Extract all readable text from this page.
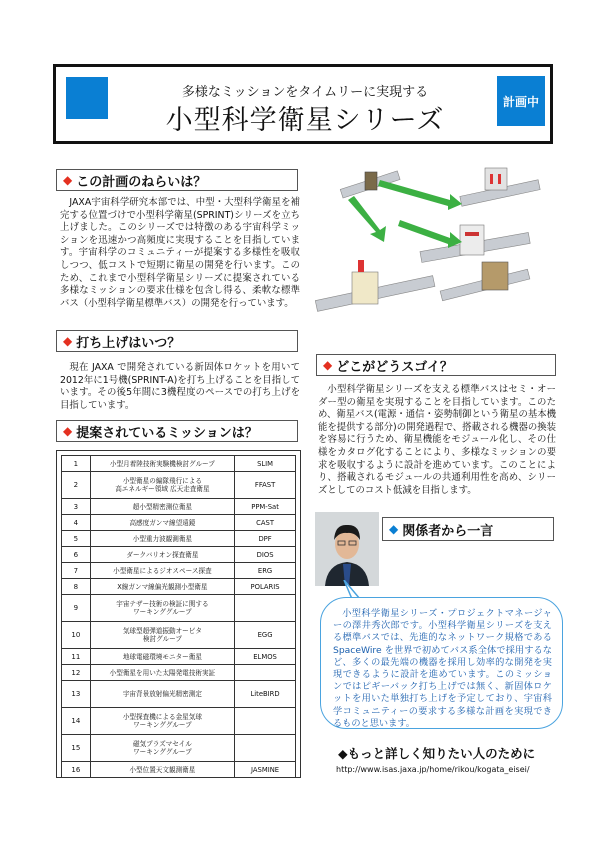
多様なミッションをタイムリーに実現する
小型科学衛星シリーズ
計画中
◆ この計画のねらいは？
JAXA宇宙科学研究本部では、中型・大型科学衛星を補完する位置づけで小型科学衛星(SPRINT)シリーズを立ち上げました。このシリーズでは特徴のある宇宙科学ミッションを迅速かつ高頻度に実現することを目指しています。宇宙科学のコミュニティーが提案する多様性を吸収しつつ、低コストで短期に衛星の開発を行います。このため、これまで小型科学衛星シリーズに提案されている多様なミッションの要求仕様を包含し得る、柔軟な標準バス（小型科学衛星標準バス）の開発を行っています。
◆ 打ち上げはいつ？
現在 JAXA で開発されている新固体ロケットを用いて2012年に1号機(SPRINT-A)を打ち上げることを目指しています。その後5年間に3機程度のペースでの打ち上げを目指しています。
◆ 提案されているミッションは？
1	小型月着陸技術実験機検討グループ	SLIM
2	小型衛星の編隊飛行による
高エネルギー領域 広天走査衛星	FFAST
3	超小型精密測位衛星	PPM-Sat
4	高感度ガンマ線望遠鏡	CAST
5	小型重力波観測衛星	DPF
6	ダークバリオン探査衛星	DIOS
7	小型衛星によるジオスペース探査	ERG
8	X線ガンマ線偏光観測小型衛星	POLARIS
9	宇宙テザー技術の検証に関する
ワーキンググループ	
10	気球型超弾道振動オービタ
検討グループ	EGG
11	地球電磁環境モニター衛星	ELMOS
12	小型衛星を用いた太陽発電技術実証	
13	宇宙背景放射偏光精密測定	LiteBIRD
14	小型探査機による金星気球
ワーキンググループ	
15	磁気プラズマセイル
ワーキンググループ	
16	小型位置天文観測衛星	JASMINE
◆ どこがどうスゴイ？
小型科学衛星シリーズを支える標準バスはセミ・オーダー型の衛星を実現することを目指しています。このため、衛星バス(電源・通信・姿勢制御という衛星の基本機能を提供する部分)の開発過程で、搭載される機器の換装を容易に行うため、衛星機能をモジュール化し、その仕様をカタログ化することにより、多様なミッションの要求を吸収するように設計を進めています。このことにより、搭載されるモジュールの共通利用性を高め、シリーズとしてのコスト低減を目指します。
◆ 関係者から一言
小型科学衛星シリーズ・プロジェクトマネージャーの澤井秀次郎です。小型科学衛星シリーズを支える標準バスでは、先進的なネットワーク規格である SpaceWire を世界で初めてバス系全体で採用するなど、多くの最先端の機器を採用し効率的な開発を実現できるように設計を進めています。このミッションではピギーバック打ち上げでは無く、新固体ロケットを用いた単独打ち上げを予定しており、宇宙科学コミュニティーの要求する多様な計画を実現できるものと思います。
◆もっと詳しく知りたい人のために
http://www.isas.jaxa.jp/home/rikou/kogata_eisei/
